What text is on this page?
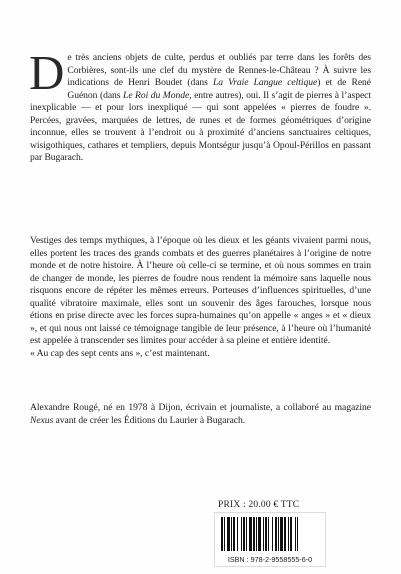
De très anciens objets de culte, perdus et oubliés par terre dans les forêts des Corbières, sont-ils une clef du mystère de Rennes-le-Château ? À suivre les indications de Henri Boudet (dans La Vraie Langue celtique) et de René Guénon (dans Le Roi du Monde, entre autres), oui. Il s’agit de pierres à l’aspect inexplicable — et pour lors inexpliqué — qui sont appelées « pierres de foudre ». Percées, gravées, marquées de lettres, de runes et de formes géométriques d’origine inconnue, elles se trouvent à l’endroit ou à proximité d’anciens sanctuaires celtiques, wisigothiques, cathares et templiers, depuis Montségur jusqu’à Opoul-Périllos en passant par Bugarach.

Vestiges des temps mythiques, à l’époque où les dieux et les géants vivaient parmi nous, elles portent les traces des grands combats et des guerres planétaires à l’origine de notre monde et de notre histoire. À l’heure où celle-ci se termine, et où nous sommes en train de changer de monde, les pierres de foudre nous rendent la mémoire sans laquelle nous risquons encore de répéter les mêmes erreurs. Porteuses d’influences spirituelles, d’une qualité vibratoire maximale, elles sont un souvenir des âges farouches, lorsque nous étions en prise directe avec les forces supra-humaines qu’on appelle « anges » et « dieux », et qui nous ont laissé ce témoignage tangible de leur présence, à l’heure où l’humanité est appelée à transcender ses limites pour accéder à sa pleine et entière identité.

« Au cap des sept cents ans », c’est maintenant.

Alexandre Rougé, né en 1978 à Dijon, écrivain et journaliste, a collaboré au magazine Nexus avant de créer les Éditions du Laurier à Bugarach.
PRIX : 20.00 € TTC
ISBN : 978-2-9558555-6-0
